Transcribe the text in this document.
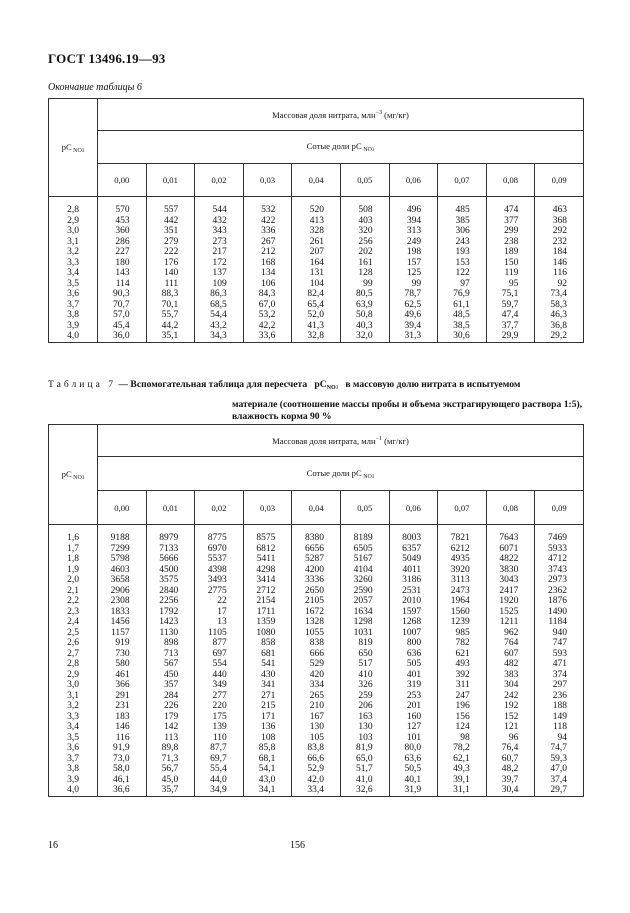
ГОСТ 13496.19—93
Окончание таблицы 6
pC $_{NO3}$	Массовая доля нитрата, млн$^{-3}$ (мг/кг)									
	Сотые доли pC $_{NO3}$
	0,00	0,01	0,02	0,03	0,04	0,05	0,06	0,07	0,08	0,09
2,8	570	557	544	532	520	508	496	485	474	463
2,9	453	442	432	422	413	403	394	385	377	368
3,0	360	351	343	336	328	320	313	306	299	292
3,1	286	279	273	267	261	256	249	243	238	232
3,2	227	222	217	212	207	202	198	193	189	184
3,3	180	176	172	168	164	161	157	153	150	146
3,4	143	140	137	134	131	128	125	122	119	116
3,5	114	111	109	106	104	99	99	97	95	92
3,6	90,3	88,3	86,3	84,3	82,4	80,5	78,7	76,9	75,1	73,4
3,7	70,7	70,1	68,5	67,0	65,4	63,9	62,5	61,1	59,7	58,3
3,8	57,0	55,7	54,4	53,2	52,0	50,8	49,6	48,5	47,4	46,3
3,9	45,4	44,2	43,2	42,2	41,3	40,3	39,4	38,5	37,7	36,8
4,0	36,0	35,1	34,3	33,6	32,8	32,0	31,3	30,6	29,9	29,2
Таблица 7 — Вспомогательная таблица для пересчета $pC_{NO3}$ в массовую долю нитрата в испытуемом
материале (соотношение массы пробы и объема экстрагирующего раствора 1:5),
влажность корма 90 %
pC $_{NO3}$	Массовая доля нитрата, млн$^{-1}$ (мг/кг)									
	Сотые доли pC $_{NO3}$
	0,00	0,01	0,02	0,03	0,04	0,05	0,06	0,07	0,08	0,09
1,6	9188	8979	8775	8575	8380	8189	8003	7821	7643	7469
1,7	7299	7133	6970	6812	6656	6505	6357	6212	6071	5933
1,8	5798	5666	5537	5411	5287	5167	5049	4935	4822	4712
1,9	4603	4500	4398	4298	4200	4104	4011	3920	3830	3743
2,0	3658	3575	3493	3414	3336	3260	3186	3113	3043	2973
2,1	2906	2840	2775	2712	2650	2590	2531	2473	2417	2362
2,2	2308	2256	22	2154	2105	2057	2010	1964	1920	1876
2,3	1833	1792	17	1711	1672	1634	1597	1560	1525	1490
2,4	1456	1423	13	1359	1328	1298	1268	1239	1211	1184
2,5	1157	1130	1105	1080	1055	1031	1007	985	962	940
2,6	919	898	877	858	838	819	800	782	764	747
2,7	730	713	697	681	666	650	636	621	607	593
2,8	580	567	554	541	529	517	505	493	482	471
2,9	461	450	440	430	420	410	401	392	383	374
3,0	366	357	349	341	334	326	319	311	304	297
3,1	291	284	277	271	265	259	253	247	242	236
3,2	231	226	220	215	210	206	201	196	192	188
3,3	183	179	175	171	167	163	160	156	152	149
3,4	146	142	139	136	130	130	127	124	121	118
3,5	116	113	110	108	105	103	101	98	96	94
3,6	91,9	89,8	87,7	85,8	83,8	81,9	80,0	78,2	76,4	74,7
3,7	73,0	71,3	69,7	68,1	66,6	65,0	63,6	62,1	60,7	59,3
3,8	58,0	56,7	55,4	54,1	52,9	51,7	50,5	49,3	48,2	47,0
3,9	46,1	45,0	44,0	43,0	42,0	41,0	40,1	39,1	39,7	37,4
4,0	36,6	35,7	34,9	34,1	33,4	32,6	31,9	31,1	30,4	29,7
16	156
